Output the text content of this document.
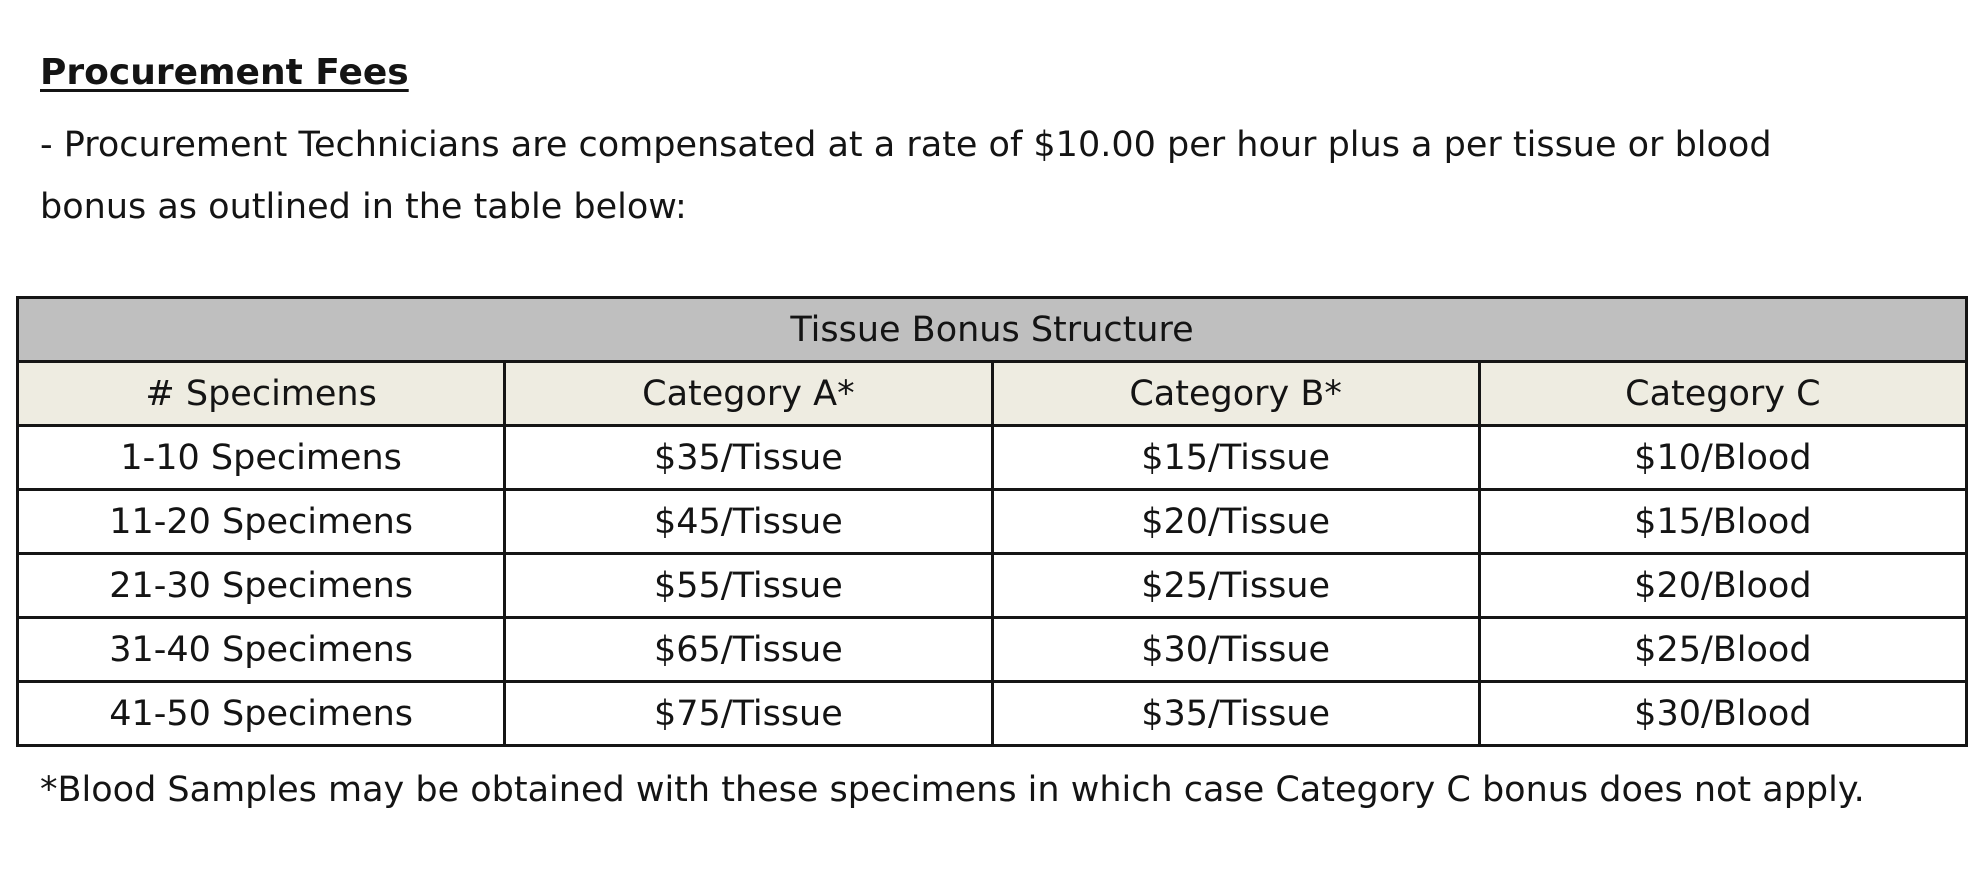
Procurement Fees
- Procurement Technicians are compensated at a rate of $10.00 per hour plus a per tissue or blood
bonus as outlined in the table below:
Tissue Bonus Structure			
# Specimens	Category A*	Category B*	Category C
1-10 Specimens	$35/Tissue	$15/Tissue	$10/Blood
11-20 Specimens	$45/Tissue	$20/Tissue	$15/Blood
21-30 Specimens	$55/Tissue	$25/Tissue	$20/Blood
31-40 Specimens	$65/Tissue	$30/Tissue	$25/Blood
41-50 Specimens	$75/Tissue	$35/Tissue	$30/Blood
*Blood Samples may be obtained with these specimens in which case Category C bonus does not apply.
